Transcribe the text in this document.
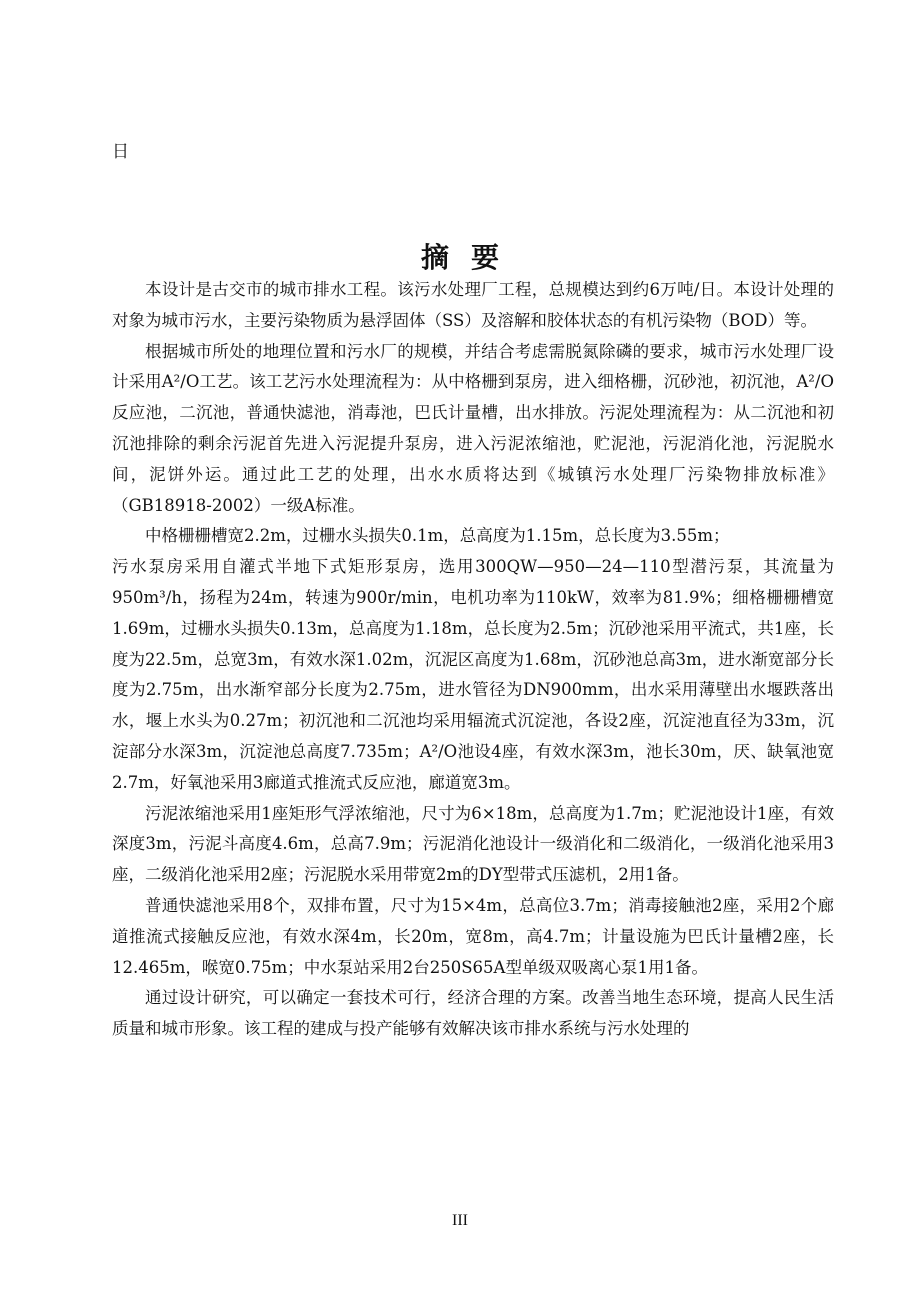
日
摘要

本设计是古交市的城市排水工程。该污水处理厂工程，总规模达到约6万吨/日。本设计处理的对象为城市污水，主要污染物质为悬浮固体（SS）及溶解和胶体状态的有机污染物（BOD）等。

根据城市所处的地理位置和污水厂的规模，并结合考虑需脱氮除磷的要求，城市污水处理厂设计采用A²/O工艺。该工艺污水处理流程为：从中格栅到泵房，进入细格栅，沉砂池，初沉池，A²/O反应池，二沉池，普通快滤池，消毒池，巴氏计量槽，出水排放。污泥处理流程为：从二沉池和初沉池排除的剩余污泥首先进入污泥提升泵房，进入污泥浓缩池，贮泥池，污泥消化池，污泥脱水间，泥饼外运。通过此工艺的处理，出水水质将达到《城镇污水处理厂污染物排放标准》（GB18918-2002）一级A标准。

中格栅栅槽宽2.2m，过栅水头损失0.1m，总高度为1.15m，总长度为3.55m；

污水泵房采用自灌式半地下式矩形泵房，选用300QW—950—24—110型潜污泵，其流量为950m³/h，扬程为24m，转速为900r/min，电机功率为110kW，效率为81.9%；细格栅栅槽宽1.69m，过栅水头损失0.13m，总高度为1.18m，总长度为2.5m；沉砂池采用平流式，共1座，长度为22.5m，总宽3m，有效水深1.02m，沉泥区高度为1.68m，沉砂池总高3m，进水渐宽部分长度为2.75m，出水渐窄部分长度为2.75m，进水管径为DN900mm，出水采用薄壁出水堰跌落出水，堰上水头为0.27m；初沉池和二沉池均采用辐流式沉淀池，各设2座，沉淀池直径为33m，沉淀部分水深3m，沉淀池总高度7.735m；A²/O池设4座，有效水深3m，池长30m，厌、缺氧池宽2.7m，好氧池采用3廊道式推流式反应池，廊道宽3m。

污泥浓缩池采用1座矩形气浮浓缩池，尺寸为6×18m，总高度为1.7m；贮泥池设计1座，有效深度3m，污泥斗高度4.6m，总高7.9m；污泥消化池设计一级消化和二级消化，一级消化池采用3座，二级消化池采用2座；污泥脱水采用带宽2m的DY型带式压滤机，2用1备。

普通快滤池采用8个，双排布置，尺寸为15×4m，总高位3.7m；消毒接触池2座，采用2个廊道推流式接触反应池，有效水深4m，长20m，宽8m，高4.7m；计量设施为巴氏计量槽2座，长12.465m，喉宽0.75m；中水泵站采用2台250S65A型单级双吸离心泵1用1备。

通过设计研究，可以确定一套技术可行，经济合理的方案。改善当地生态环境，提高人民生活质量和城市形象。该工程的建成与投产能够有效解决该市排水系统与污水处理的

III
